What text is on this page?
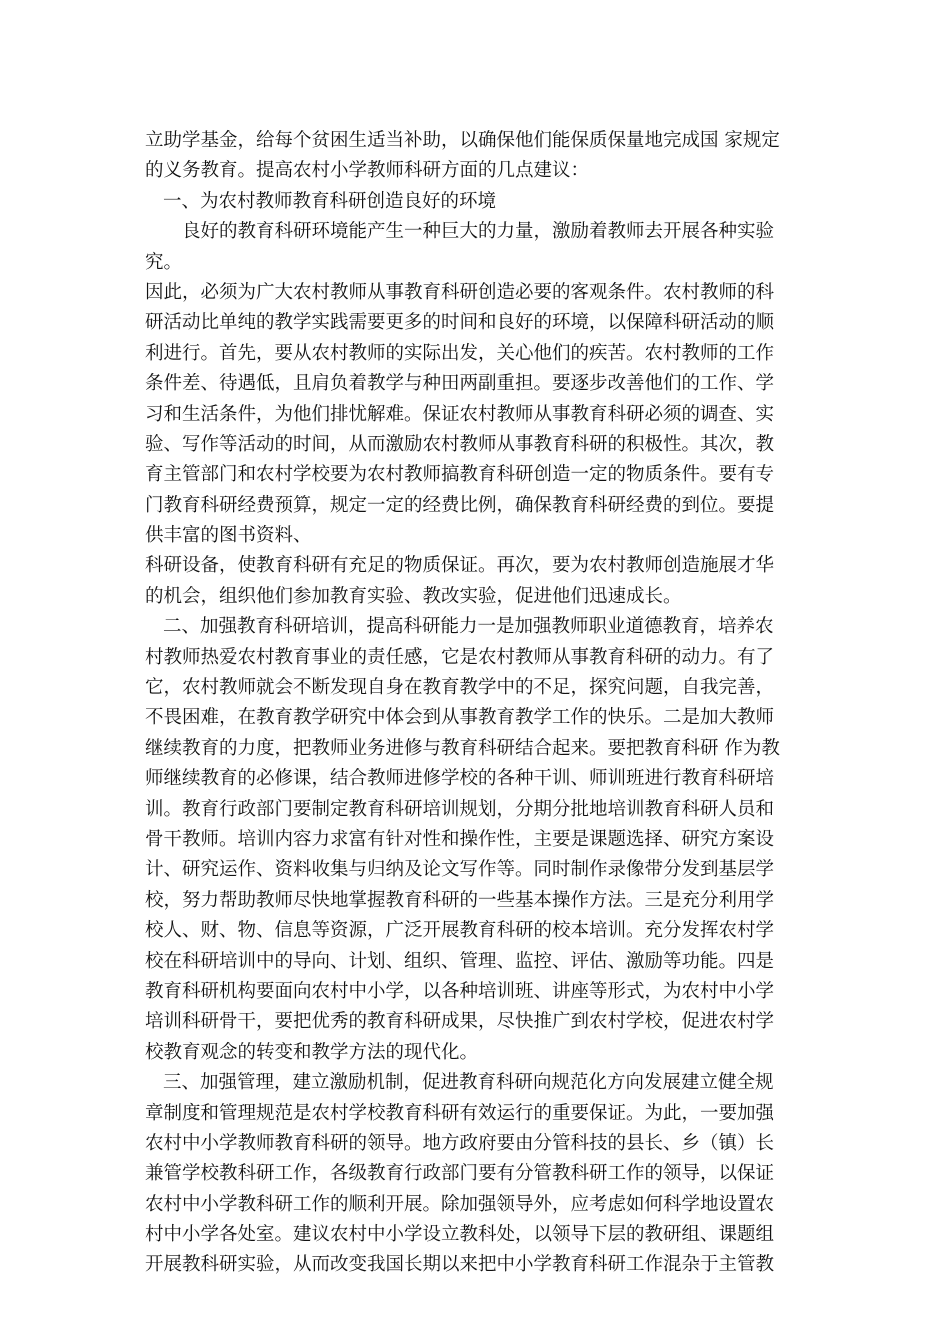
立助学基金，给每个贫困生适当补助，以确保他们能保质保量地完成国 家规定
的义务教育。提高农村小学教师科研方面的几点建议：
一、为农村教师教育科研创造良好的环境
良好的教育科研环境能产生一种巨大的力量，激励着教师去开展各种实验
究。
因此，必须为广大农村教师从事教育科研创造必要的客观条件。农村教师的科
研活动比单纯的教学实践需要更多的时间和良好的环境，以保障科研活动的顺
利进行。首先，要从农村教师的实际出发，关心他们的疾苦。农村教师的工作
条件差、待遇低，且肩负着教学与种田两副重担。要逐步改善他们的工作、学
习和生活条件，为他们排忧解难。保证农村教师从事教育科研必须的调查、实
验、写作等活动的时间，从而激励农村教师从事教育科研的积极性。其次，教
育主管部门和农村学校要为农村教师搞教育科研创造一定的物质条件。要有专
门教育科研经费预算，规定一定的经费比例，确保教育科研经费的到位。要提
供丰富的图书资料、
科研设备，使教育科研有充足的物质保证。再次，要为农村教师创造施展才华
的机会，组织他们参加教育实验、教改实验，促进他们迅速成长。
二、加强教育科研培训，提高科研能力一是加强教师职业道德教育，培养农
村教师热爱农村教育事业的责任感，它是农村教师从事教育科研的动力。有了
它，农村教师就会不断发现自身在教育教学中的不足，探究问题，自我完善，
不畏困难，在教育教学研究中体会到从事教育教学工作的快乐。二是加大教师
继续教育的力度，把教师业务进修与教育科研结合起来。要把教育科研 作为教
师继续教育的必修课，结合教师进修学校的各种干训、师训班进行教育科研培
训。教育行政部门要制定教育科研培训规划，分期分批地培训教育科研人员和
骨干教师。培训内容力求富有针对性和操作性，主要是课题选择、研究方案设
计、研究运作、资料收集与归纳及论文写作等。同时制作录像带分发到基层学
校，努力帮助教师尽快地掌握教育科研的一些基本操作方法。三是充分利用学
校人、财、物、信息等资源，广泛开展教育科研的校本培训。充分发挥农村学
校在科研培训中的导向、计划、组织、管理、监控、评估、激励等功能。四是
教育科研机构要面向农村中小学，以各种培训班、讲座等形式，为农村中小学
培训科研骨干，要把优秀的教育科研成果，尽快推广到农村学校，促进农村学
校教育观念的转变和教学方法的现代化。
三、加强管理，建立激励机制，促进教育科研向规范化方向发展建立健全规
章制度和管理规范是农村学校教育科研有效运行的重要保证。为此，一要加强
农村中小学教师教育科研的领导。地方政府要由分管科技的县长、乡（镇）长
兼管学校教科研工作，各级教育行政部门要有分管教科研工作的领导，以保证
农村中小学教科研工作的顺利开展。除加强领导外，应考虑如何科学地设置农
村中小学各处室。建议农村中小学设立教科处，以领导下层的教研组、课题组
开展教科研实验，从而改变我国长期以来把中小学教育科研工作混杂于主管教
